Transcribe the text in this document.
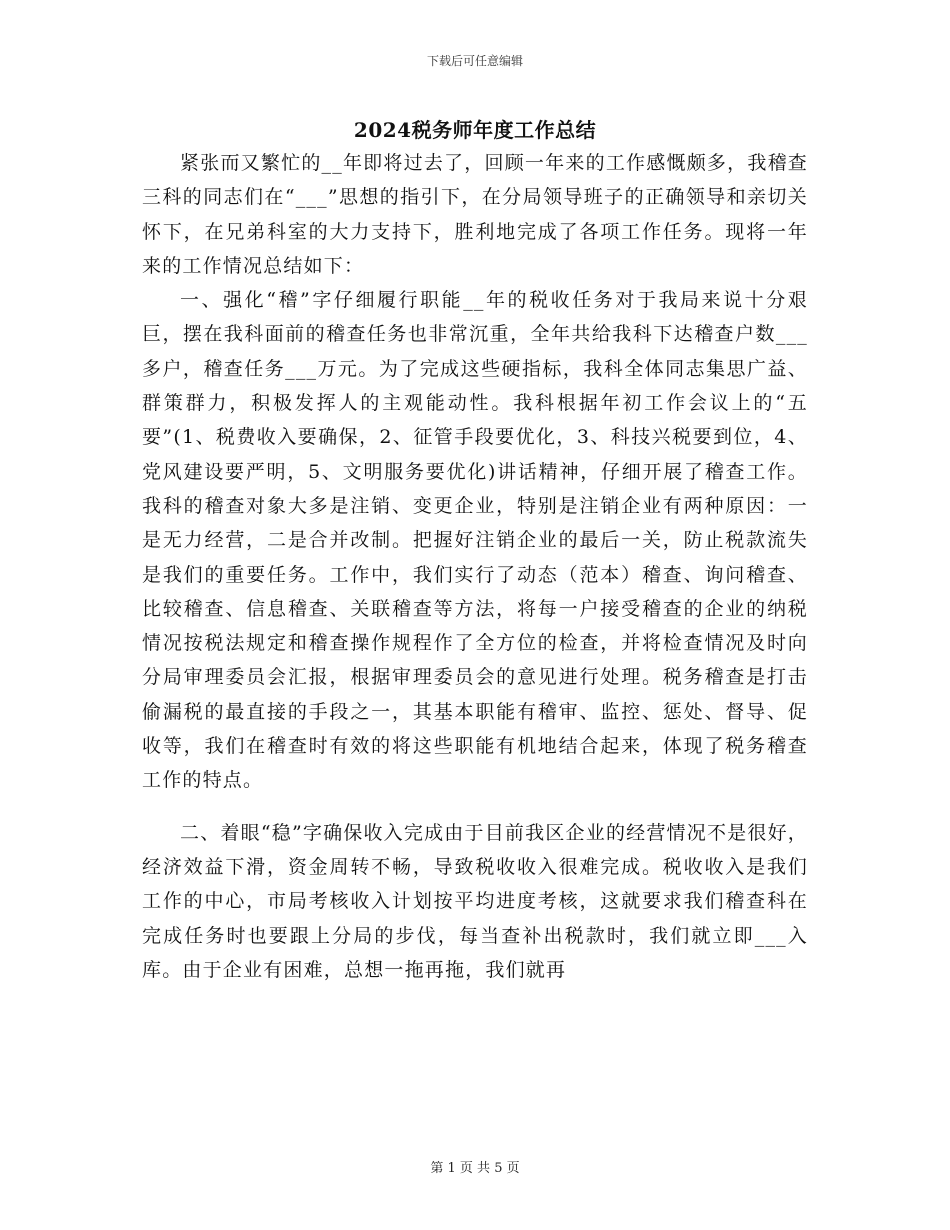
下载后可任意编辑
2024税务师年度工作总结

紧张而又繁忙的__年即将过去了，回顾一年来的工作感慨颇多，我稽查三科的同志们在“___”思想的指引下，在分局领导班子的正确领导和亲切关怀下，在兄弟科室的大力支持下，胜利地完成了各项工作任务。现将一年来的工作情况总结如下：

一、强化“稽”字仔细履行职能__年的税收任务对于我局来说十分艰巨，摆在我科面前的稽查任务也非常沉重，全年共给我科下达稽查户数___多户，稽查任务___万元。为了完成这些硬指标，我科全体同志集思广益、群策群力，积极发挥人的主观能动性。我科根据年初工作会议上的“五要”(1、税费收入要确保，2、征管手段要优化，3、科技兴税要到位，4、党风建设要严明，5、文明服务要优化)讲话精神，仔细开展了稽查工作。我科的稽查对象大多是注销、变更企业，特别是注销企业有两种原因：一是无力经营，二是合并改制。把握好注销企业的最后一关，防止税款流失是我们的重要任务。工作中，我们实行了动态（范本）稽查、询问稽查、比较稽查、信息稽查、关联稽查等方法，将每一户接受稽查的企业的纳税情况按税法规定和稽查操作规程作了全方位的检查，并将检查情况及时向分局审理委员会汇报，根据审理委员会的意见进行处理。税务稽查是打击偷漏税的最直接的手段之一，其基本职能有稽审、监控、惩处、督导、促收等，我们在稽查时有效的将这些职能有机地结合起来，体现了税务稽查工作的特点。

二、着眼“稳”字确保收入完成由于目前我区企业的经营情况不是很好，经济效益下滑，资金周转不畅，导致税收收入很难完成。税收收入是我们工作的中心，市局考核收入计划按平均进度考核，这就要求我们稽查科在完成任务时也要跟上分局的步伐，每当查补出税款时，我们就立即___入库。由于企业有困难，总想一拖再拖，我们就再

第 1 页 共 5 页
